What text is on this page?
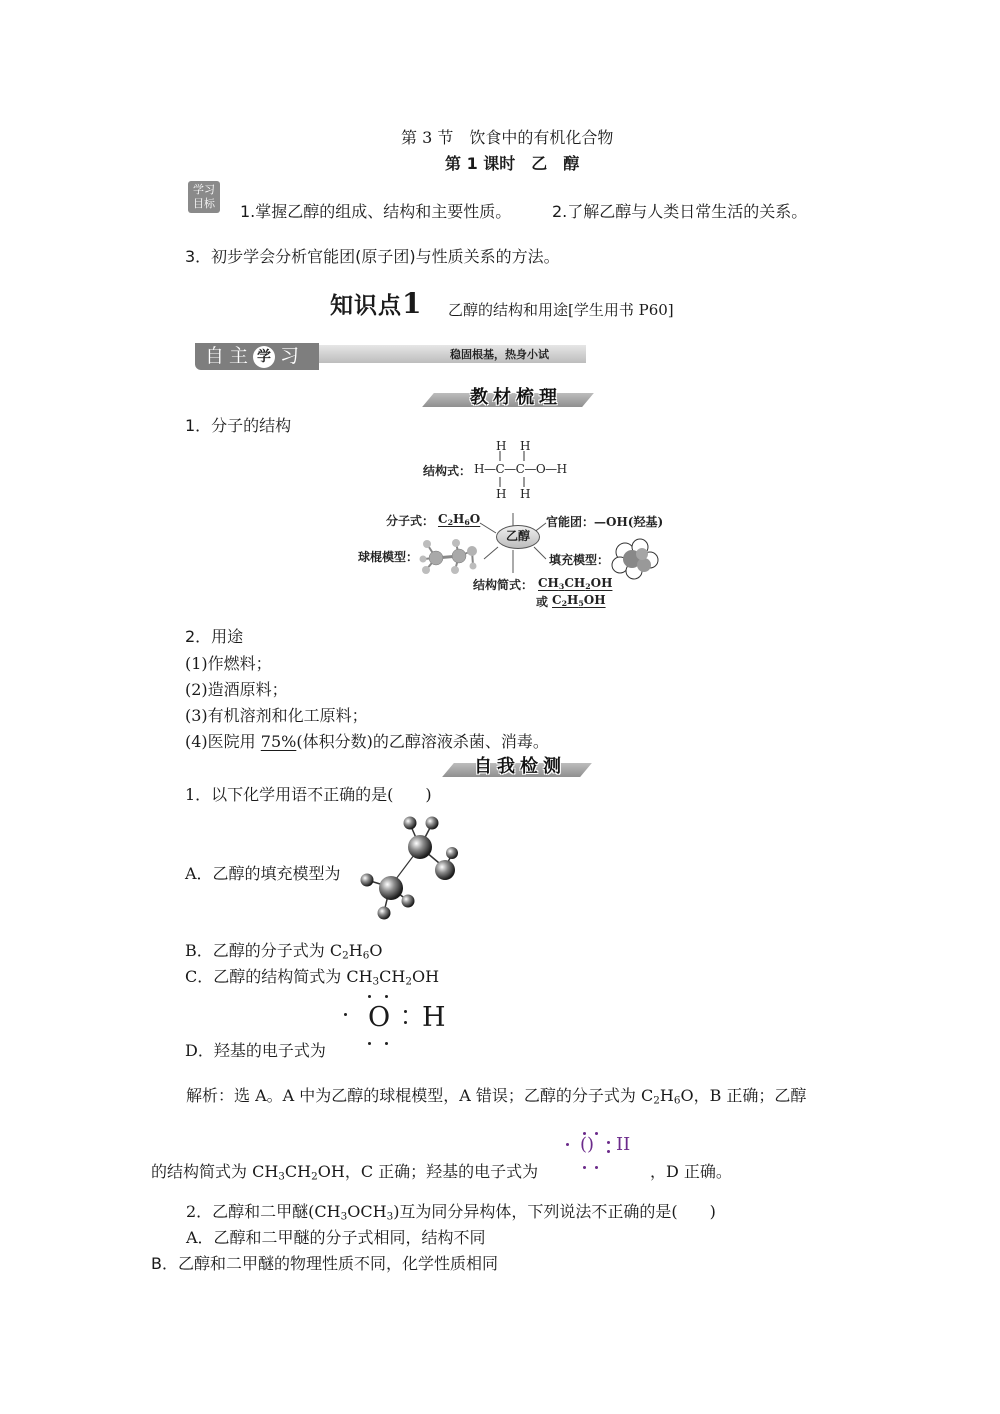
第 3 节　饮食中的有机化合物
第 1 课时　乙　醇
学习
目标	1.掌握乙醇的组成、结构和主要性质。	2.了解乙醇与人类日常生活的关系。
3．初步学会分析官能团(原子团)与性质关系的方法。
知识点1 乙醇的结构和用途[学生用书 P60]
自主 学 习	稳固根基，热身小试
教材梳理
1．分子的结构
H H
结构式： H—C—C—O—H
H H
分子式： $C_2H_6O$	官能团： —OH(羟基)
乙醇
球棍模型：	填充模型：
结构简式： $CH_3CH_2OH$
或 $C_2H_5OH$
2．用途
(1)作燃料；
(2)造酒原料；
(3)有机溶剂和化工原料；
(4)医院用 75%(体积分数)的乙醇溶液杀菌、消毒。
自我检测
1．以下化学用语不正确的是(　　)
A．乙醇的填充模型为
B．乙醇的分子式为 $C_2H_6O$
C．乙醇的结构简式为 $CH_3CH_2OH$
O H
D．羟基的电子式为
解析：选 A。A 中为乙醇的球棍模型，A 错误；乙醇的分子式为 $C_2H_6O$，B 正确；乙醇
的结构简式为 $CH_3CH_2OH$，C 正确；羟基的电子式为
() II
，D 正确。
2．乙醇和二甲醚$(CH_3OCH_3)$互为同分异构体，下列说法不正确的是(　　)
A．乙醇和二甲醚的分子式相同，结构不同
B．乙醇和二甲醚的物理性质不同，化学性质相同
